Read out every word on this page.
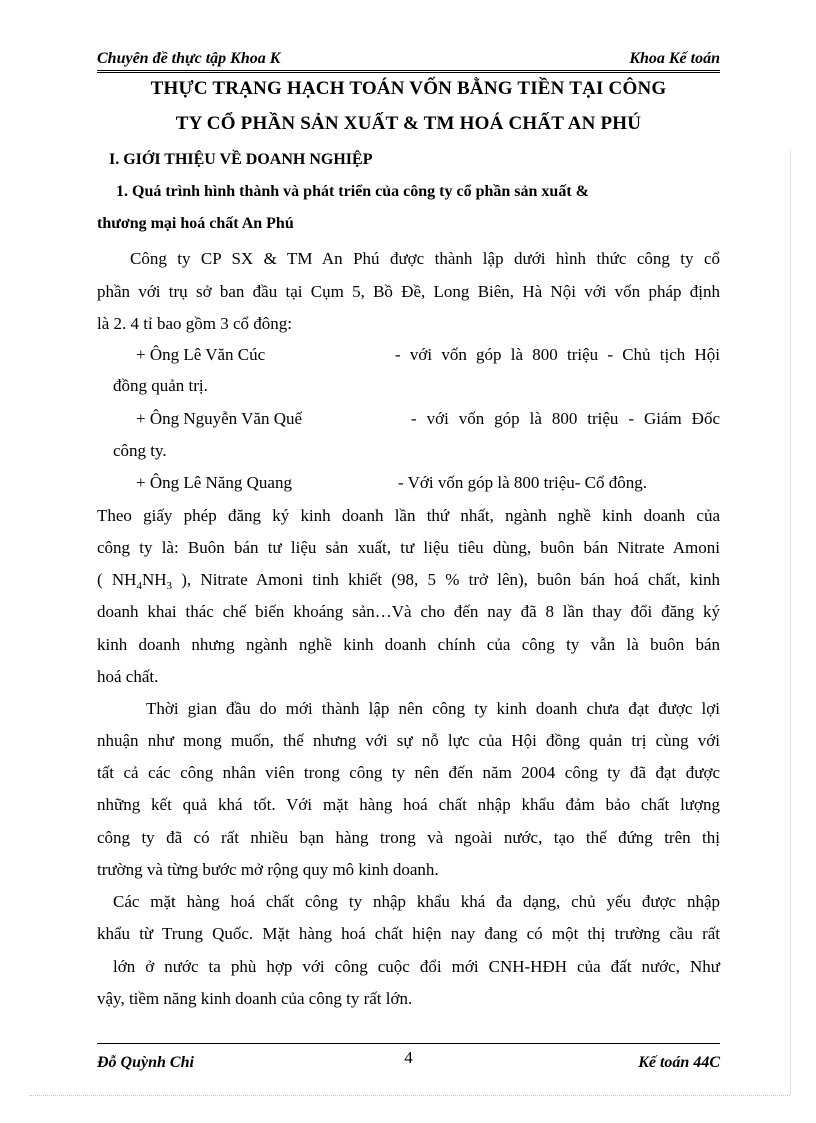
Chuyên đề thực tập Khoa K	Khoa Kế toán
THỰC TRẠNG HẠCH TOÁN VỐN BẰNG TIỀN TẠI CÔNG
TY CỔ PHẦN SẢN XUẤT & TM HOÁ CHẤT AN PHÚ
I. GIỚI THIỆU VỀ DOANH NGHIỆP
1. Quá trình hình thành và phát triển của công ty cổ phần sản xuất &
thương mại hoá chất An Phú
Công ty CP SX & TM An Phú được thành lập dưới hình thức công ty cổ
phần với trụ sở ban đầu tại Cụm 5, Bồ Đề, Long Biên, Hà Nội với vốn pháp định
là 2. 4 tỉ bao gồm 3 cổ đông:
+ Ông Lê Văn Cúc	- với vốn góp là 800 triệu - Chủ tịch Hội
đồng quản trị.
+ Ông Nguyễn Văn Quế	- với vốn góp là 800 triệu - Giám Đốc
công ty.
+ Ông Lê Năng Quang	- Với vốn góp là 800 triệu- Cổ đông.
Theo giấy phép đăng ký kinh doanh lần thứ nhất, ngành nghề kinh doanh của
công ty là: Buôn bán tư liệu sản xuất, tư liệu tiêu dùng, buôn bán Nitrate Amoni
( $NH_4NH_3$ ), Nitrate Amoni tinh khiết (98, 5 % trở lên), buôn bán hoá chất, kinh
doanh khai thác chế biến khoáng sản…Và cho đến nay đã 8 lần thay đổi đăng ký
kinh doanh nhưng ngành nghề kinh doanh chính của công ty vẫn là buôn bán
hoá chất.
Thời gian đầu do mới thành lập nên công ty kinh doanh chưa đạt được lợi
nhuận như mong muốn, thế nhưng với sự nỗ lực của Hội đồng quản trị cùng với
tất cả các công nhân viên trong công ty nên đến năm 2004 công ty đã đạt được
những kết quả khá tốt. Với mặt hàng hoá chất nhập khẩu đảm bảo chất lượng
công ty đã có rất nhiều bạn hàng trong và ngoài nước, tạo thế đứng trên thị
trường và từng bước mở rộng quy mô kinh doanh.
Các mặt hàng hoá chất công ty nhập khẩu khá đa dạng, chủ yếu được nhập
khẩu từ Trung Quốc. Mặt hàng hoá chất hiện nay đang có một thị trường cầu rất
lớn ở nước ta phù hợp với công cuộc đổi mới CNH-HĐH của đất nước, Như
vậy, tiềm năng kinh doanh của công ty rất lớn.
Đỗ Quỳnh Chi	4	Kế toán 44C
